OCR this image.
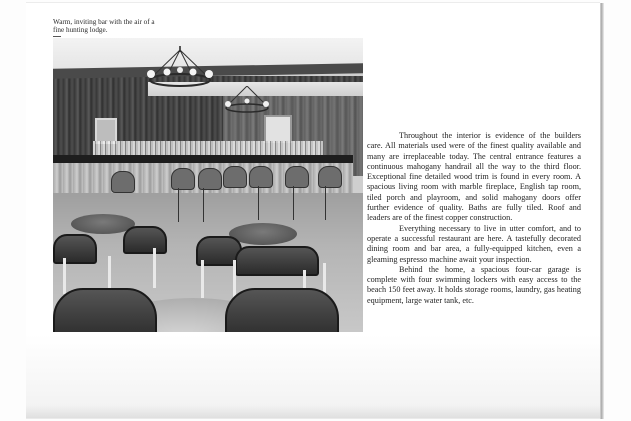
Warm, inviting bar with the air of a
fine hunting lodge.

Throughout the interior is evidence of the builders care. All materials used were of the finest quality available and many are irreplaceable today. The central entrance features a continuous mahogany handrail all the way to the third floor. Exceptional fine detailed wood trim is found in every room. A spacious living room with marble fireplace, English tap room, tiled porch and playroom, and solid mahogany doors offer further evidence of quality. Baths are fully tiled. Roof and leaders are of the finest copper construction.

Everything necessary to live in utter comfort, and to operate a successful restaurant are here. A tastefully decorated dining room and bar area, a fully-equipped kitchen, even a gleaming espresso machine await your inspection.

Behind the home, a spacious four-car garage is complete with four swimming lockers with easy access to the beach 150 feet away. It holds storage rooms, laundry, gas heating equipment, large water tank, etc.
